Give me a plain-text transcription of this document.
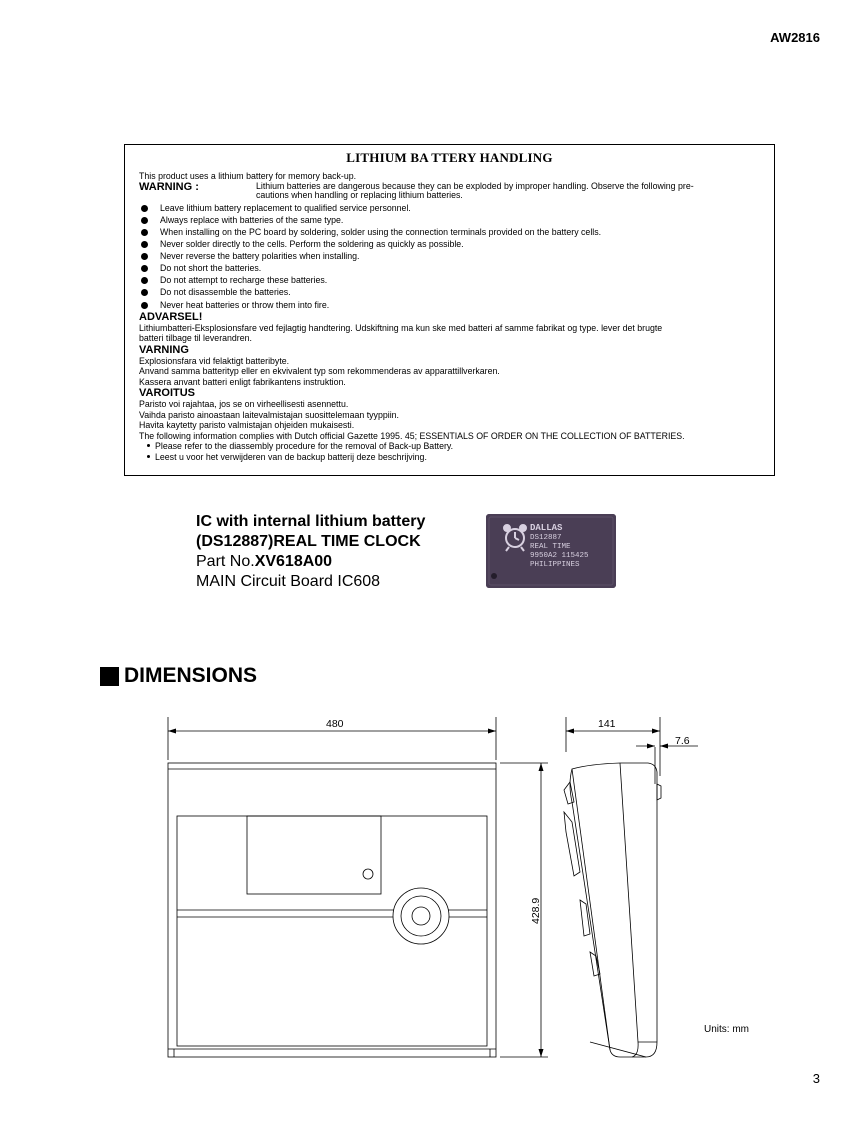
AW2816
LITHIUM BA TTERY HANDLING
This product uses a lithium battery for memory back-up.
WARNING :	Lithium batteries are dangerous because they can be exploded by improper handling. Observe the following pre-
cautions when handling or replacing lithium batteries.
Leave lithium battery replacement to qualified service personnel.
Always replace with batteries of the same type.
When installing on the PC board by soldering, solder using the connection terminals provided on the battery cells.
Never solder directly to the cells. Perform the soldering as quickly as possible.
Never reverse the battery polarities when installing.
Do not short the batteries.
Do not attempt to recharge these batteries.
Do not disassemble the batteries.
Never heat batteries or throw them into fire.
ADVARSEL!
Lithiumbatteri-Eksplosionsfare ved fejlagtig handtering. Udskiftning ma kun ske med batteri af samme fabrikat og type. lever det brugte
batteri tilbage til leverandren.
VARNING
Explosionsfara vid felaktigt batteribyte.
Anvand samma batterityp eller en ekvivalent typ som rekommenderas av apparattillverkaren.
Kassera anvant batteri enligt fabrikantens instruktion.
VAROITUS
Paristo voi rajahtaa, jos se on virheellisesti asennettu.
Vaihda paristo ainoastaan laitevalmistajan suosittelemaan tyyppiin.
Havita kaytetty paristo valmistajan ohjeiden mukaisesti.
The following information complies with Dutch official Gazette 1995. 45; ESSENTIALS OF ORDER ON THE COLLECTION OF BATTERIES.
Please refer to the diassembly procedure for the removal of Back-up Battery.
Leest u voor het verwijderen van de backup batterij deze beschrijving.
IC with internal lithium battery
(DS12887)REAL TIME CLOCK
Part No.XV618A00
MAIN Circuit Board IC608
DALLAS
DS12887
REAL TIME
9950A2 115425
PHILIPPINES
DIMENSIONS
480
428.9
141
7.6
Units: mm
3
